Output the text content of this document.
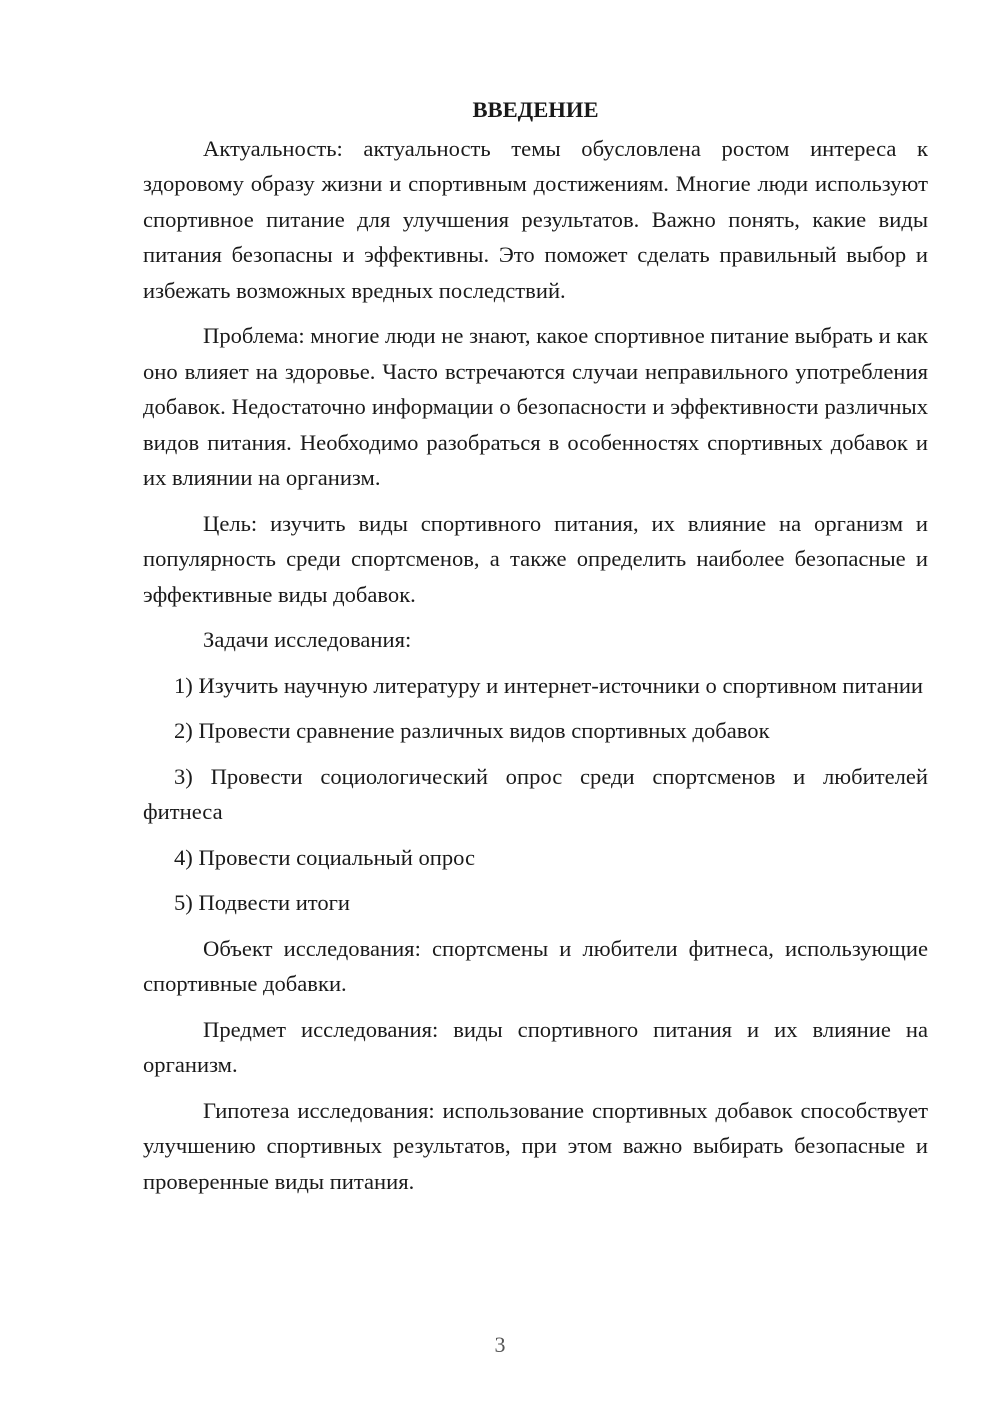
ВВЕДЕНИЕ

Актуальность: актуальность темы обусловлена ростом интереса к здоровому образу жизни и спортивным достижениям. Многие люди используют спортивное питание для улучшения результатов. Важно понять, какие виды питания безопасны и эффективны. Это поможет сделать правильный выбор и избежать возможных вредных последствий.

Проблема: многие люди не знают, какое спортивное питание выбрать и как оно влияет на здоровье. Часто встречаются случаи неправильного употребления добавок. Недостаточно информации о безопасности и эффективности различных видов питания. Необходимо разобраться в особенностях спортивных добавок и их влиянии на организм.

Цель: изучить виды спортивного питания, их влияние на организм и популярность среди спортсменов, а также определить наиболее безопасные и эффективные виды добавок.

Задачи исследования:

1) Изучить научную литературу и интернет-источники о спортивном питании

2) Провести сравнение различных видов спортивных добавок

3) Провести социологический опрос среди спортсменов и любителей фитнеса

4) Провести социальный опрос

5) Подвести итоги

Объект исследования: спортсмены и любители фитнеса, использующие спортивные добавки.

Предмет исследования: виды спортивного питания и их влияние на организм.

Гипотеза исследования: использование спортивных добавок способствует улучшению спортивных результатов, при этом важно выбирать безопасные и проверенные виды питания.

3
